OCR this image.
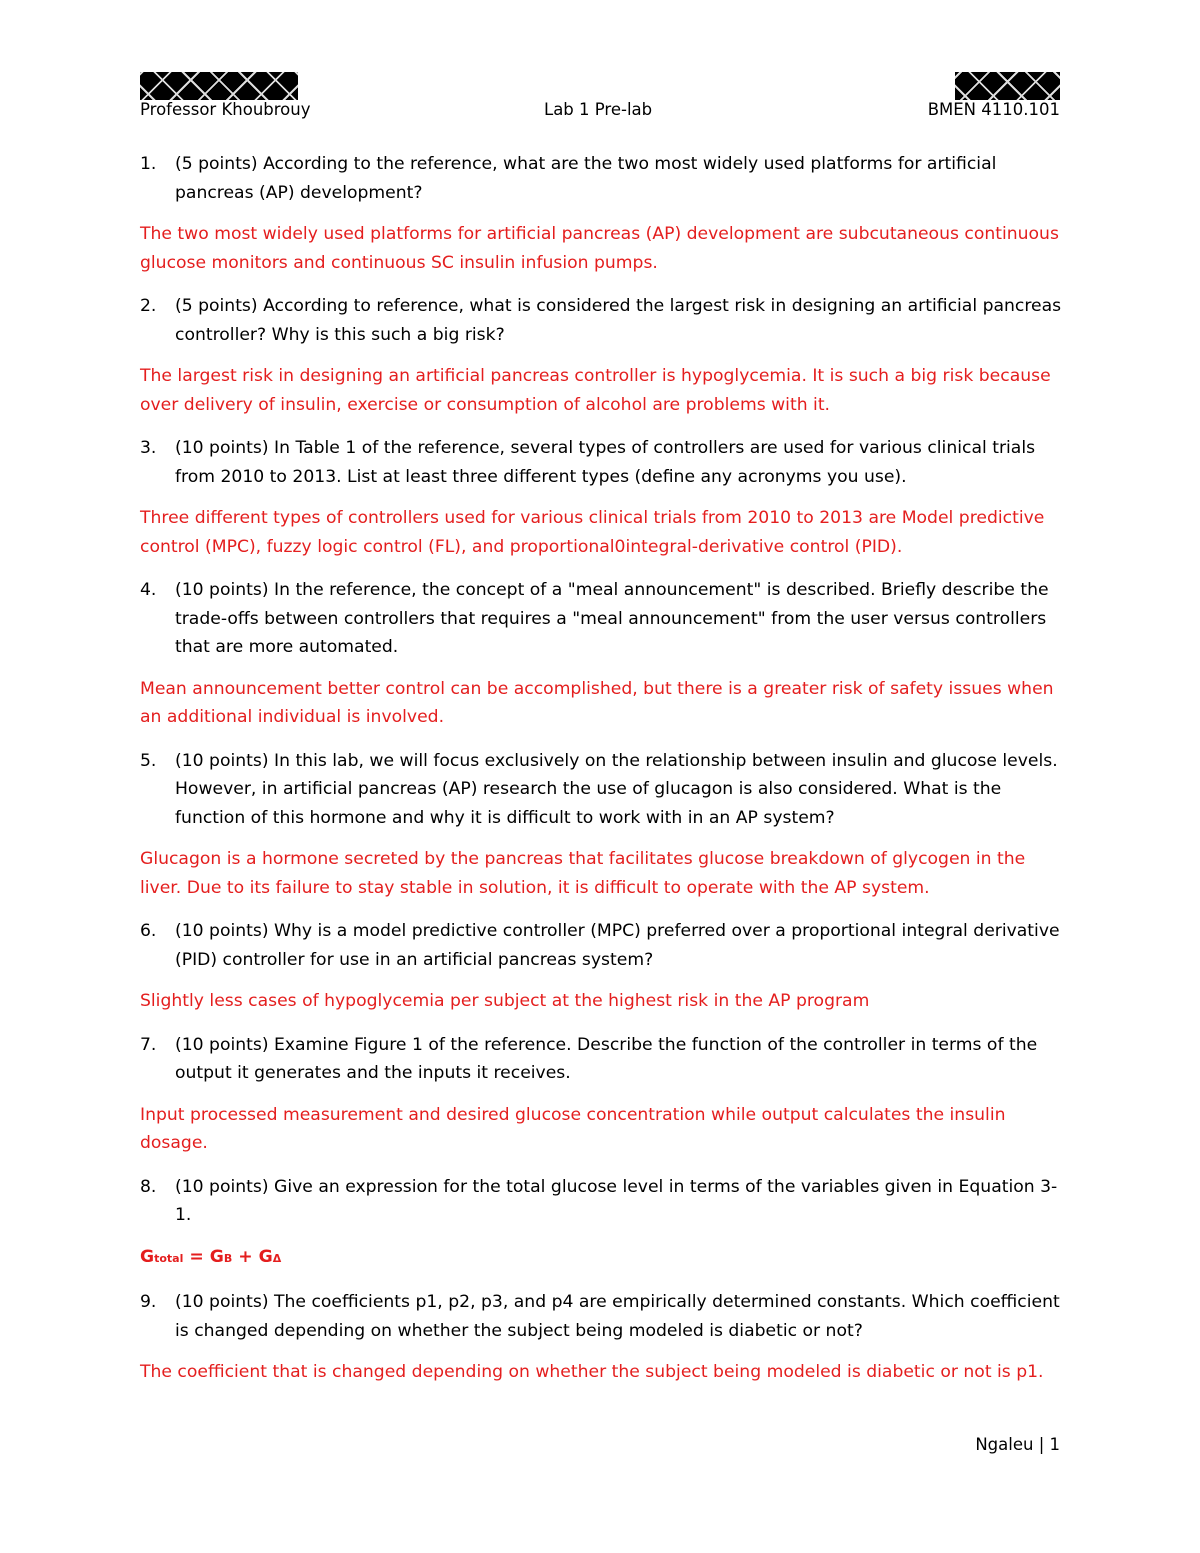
Professor Khoubrouy	Lab 1 Pre-lab	BMEN 4110.101
1. (5 points) According to the reference, what are the two most widely used platforms for artificial pancreas (AP) development?
The two most widely used platforms for artificial pancreas (AP) development are subcutaneous continuous glucose monitors and continuous SC insulin infusion pumps.
2. (5 points) According to reference, what is considered the largest risk in designing an artificial pancreas controller? Why is this such a big risk?
The largest risk in designing an artificial pancreas controller is hypoglycemia. It is such a big risk because over delivery of insulin, exercise or consumption of alcohol are problems with it.
3. (10 points) In Table 1 of the reference, several types of controllers are used for various clinical trials from 2010 to 2013. List at least three different types (define any acronyms you use).
Three different types of controllers used for various clinical trials from 2010 to 2013 are Model predictive control (MPC), fuzzy logic control (FL), and proportional0integral-derivative control (PID).
4. (10 points) In the reference, the concept of a "meal announcement" is described. Briefly describe the trade-offs between controllers that requires a "meal announcement" from the user versus controllers that are more automated.
Mean announcement better control can be accomplished, but there is a greater risk of safety issues when an additional individual is involved.
5. (10 points) In this lab, we will focus exclusively on the relationship between insulin and glucose levels. However, in artificial pancreas (AP) research the use of glucagon is also considered. What is the function of this hormone and why it is difficult to work with in an AP system?
Glucagon is a hormone secreted by the pancreas that facilitates glucose breakdown of glycogen in the liver. Due to its failure to stay stable in solution, it is difficult to operate with the AP system.
6. (10 points) Why is a model predictive controller (MPC) preferred over a proportional integral derivative (PID) controller for use in an artificial pancreas system?
Slightly less cases of hypoglycemia per subject at the highest risk in the AP program
7. (10 points) Examine Figure 1 of the reference. Describe the function of the controller in terms of the output it generates and the inputs it receives.
Input processed measurement and desired glucose concentration while output calculates the insulin dosage.
8. (10 points) Give an expression for the total glucose level in terms of the variables given in Equation 3-1.
Gtotal = GB + GΔ
9. (10 points) The coefficients p1, p2, p3, and p4 are empirically determined constants. Which coefficient is changed depending on whether the subject being modeled is diabetic or not?
The coefficient that is changed depending on whether the subject being modeled is diabetic or not is p1.
Ngaleu | 1
